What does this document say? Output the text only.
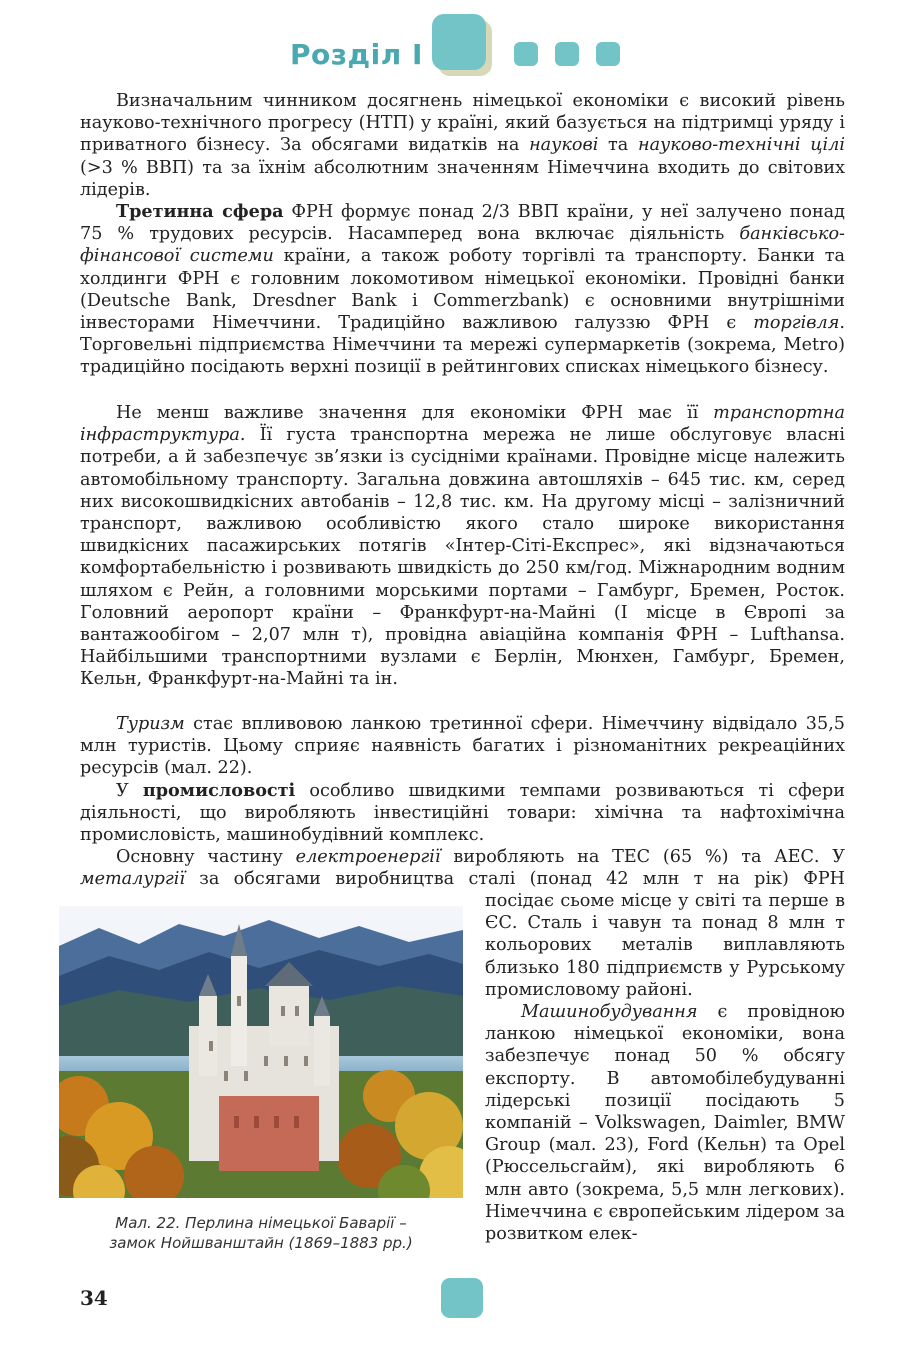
Розділ I

Визначальним чинником досягнень німецької економіки є високий рівень науково-технічного прогресу (НТП) у країні, який базується на підтримці уряду і приватного бізнесу. За обсягами видатків на наукові та науково-технічні цілі (>3 % ВВП) та за їхнім абсолютним значенням Німеччина входить до світових лідерів.

Третинна сфера ФРН формує понад 2/3 ВВП країни, у неї залучено понад 75 % трудових ресурсів. Насамперед вона включає діяльність банківсько-фінансової системи країни, а також роботу торгівлі та транспорту. Банки та холдинги ФРН є головним локомотивом німецької економіки. Провідні банки (Deutsche Bank, Dresdner Bank і Commerzbank) є основними внутрішніми інвесторами Німеччини. Традиційно важливою галуззю ФРН є торгівля. Торговельні підприємства Німеччини та мережі супермаркетів (зокрема, Metro) традиційно посідають верхні позиції в рейтингових списках німецького бізнесу.

Не менш важливе значення для економіки ФРН має її транспортна інфраструктура. Її густа транспортна мережа не лише обслуговує власні потреби, а й забезпечує зв’язки із сусідніми країнами. Провідне місце належить автомобільному транспорту. Загальна довжина автошляхів – 645 тис. км, серед них високошвидкісних автобанів – 12,8 тис. км. На другому місці – залізничний транспорт, важливою особливістю якого стало широке використання швидкісних пасажирських потягів «Інтер-Сіті-Експрес», які відзначаються комфортабельністю і розвивають швидкість до 250 км/год. Міжнародним водним шляхом є Рейн, а головними морськими портами – Гамбург, Бремен, Росток. Головний аеропорт країни – Франкфурт-на-Майні (І місце в Європі за вантажообігом – 2,07 млн т), провідна авіаційна компанія ФРН – Lufthansa. Найбільшими транспортними вузлами є Берлін, Мюнхен, Гамбург, Бремен, Кельн, Франкфурт-на-Майні та ін.

Туризм стає впливовою ланкою третинної сфери. Німеччину відвідало 35,5 млн туристів. Цьому сприяє наявність багатих і різноманітних рекреаційних ресурсів (мал. 22).

У промисловості особливо швидкими темпами розвиваються ті сфери діяльності, що виробляють інвестиційні товари: хімічна та нафтохімічна промисловість, машинобудівний комплекс.

Основну частину електроенергії виробляють на ТЕС (65 %) та АЕС. У металургії за обсягами виробництва сталі (понад 42 млн т на рік) ФРН

посідає сьоме місце у світі та перше в ЄС. Сталь і чавун та понад 8 млн т кольорових металів виплавляють близько 180 підприємств у Рурському промисловому районі.

Машинобудування є провідною ланкою німецької економіки, вона забезпечує понад 50 % обсягу експорту. В автомобілебудуванні лідерські позиції посідають 5 компаній – Volkswagen, Daimler, BMW Group (мал. 23), Ford (Кельн) та Opel (Рюссельсгайм), які виробляють 6 млн авто (зокрема, 5,5 млн легкових). Німеччина є європейським лідером за розвитком елек-

Мал. 22. Перлина німецької Баварії –
замок Нойшванштайн (1869–1883 рр.)
34
